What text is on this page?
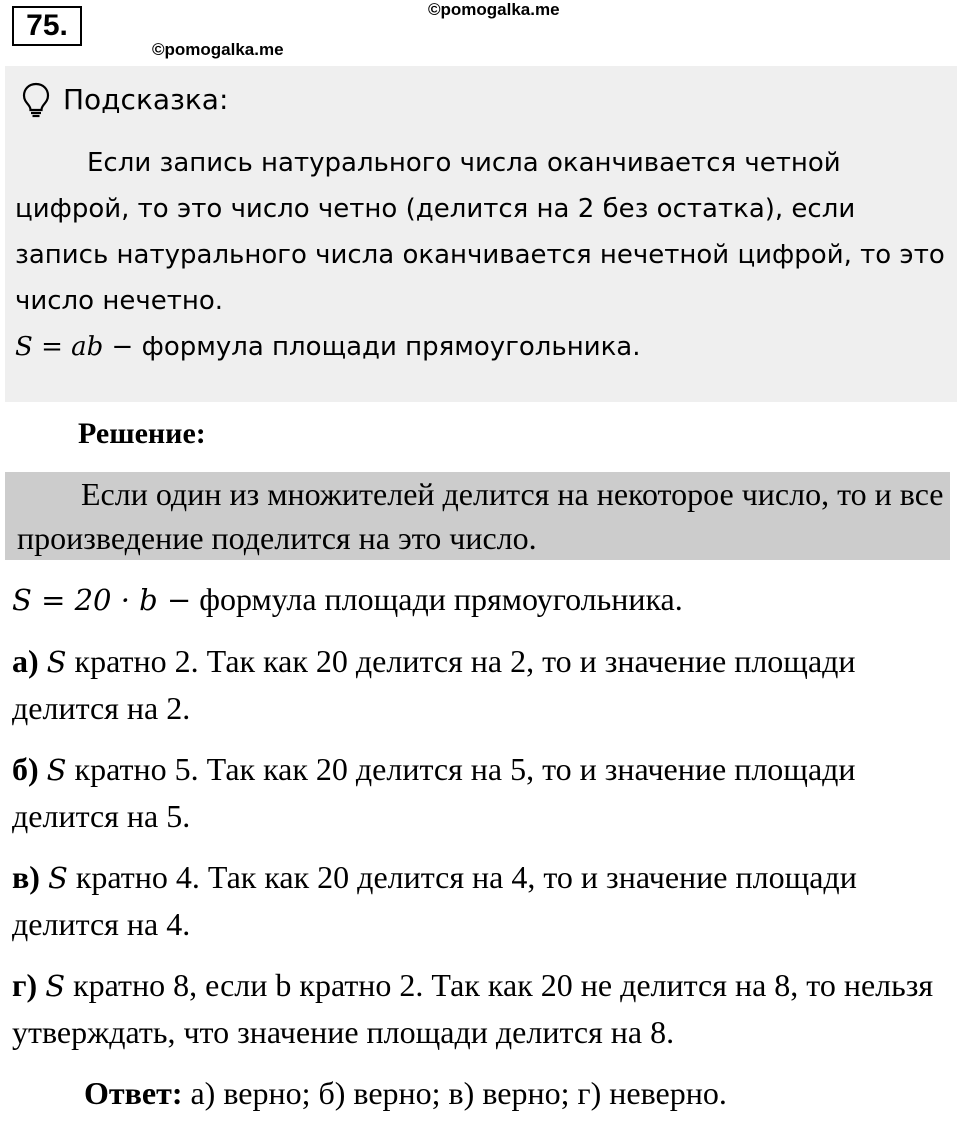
75.	©pomogalka.me
©pomogalka.me
Подсказка:

Если запись натурального числа оканчивается четной цифрой, то это число четно (делится на 2 без остатка), если запись натурального числа оканчивается нечетной цифрой, то это число нечетно.

S = ab − формула площади прямоугольника.

Решение:

Если один из множителей делится на некоторое число, то и все произведение поделится на это число.

S = 20 · b − формула площади прямоугольника.

а) S кратно 2. Так как 20 делится на 2, то и значение площади делится на 2.

б) S кратно 5. Так как 20 делится на 5, то и значение площади делится на 5.

в) S кратно 4. Так как 20 делится на 4, то и значение площади делится на 4.

г) S кратно 8, если b кратно 2. Так как 20 не делится на 8, то нельзя утверждать, что значение площади делится на 8.

Ответ: а) верно; б) верно; в) верно; г) неверно.
